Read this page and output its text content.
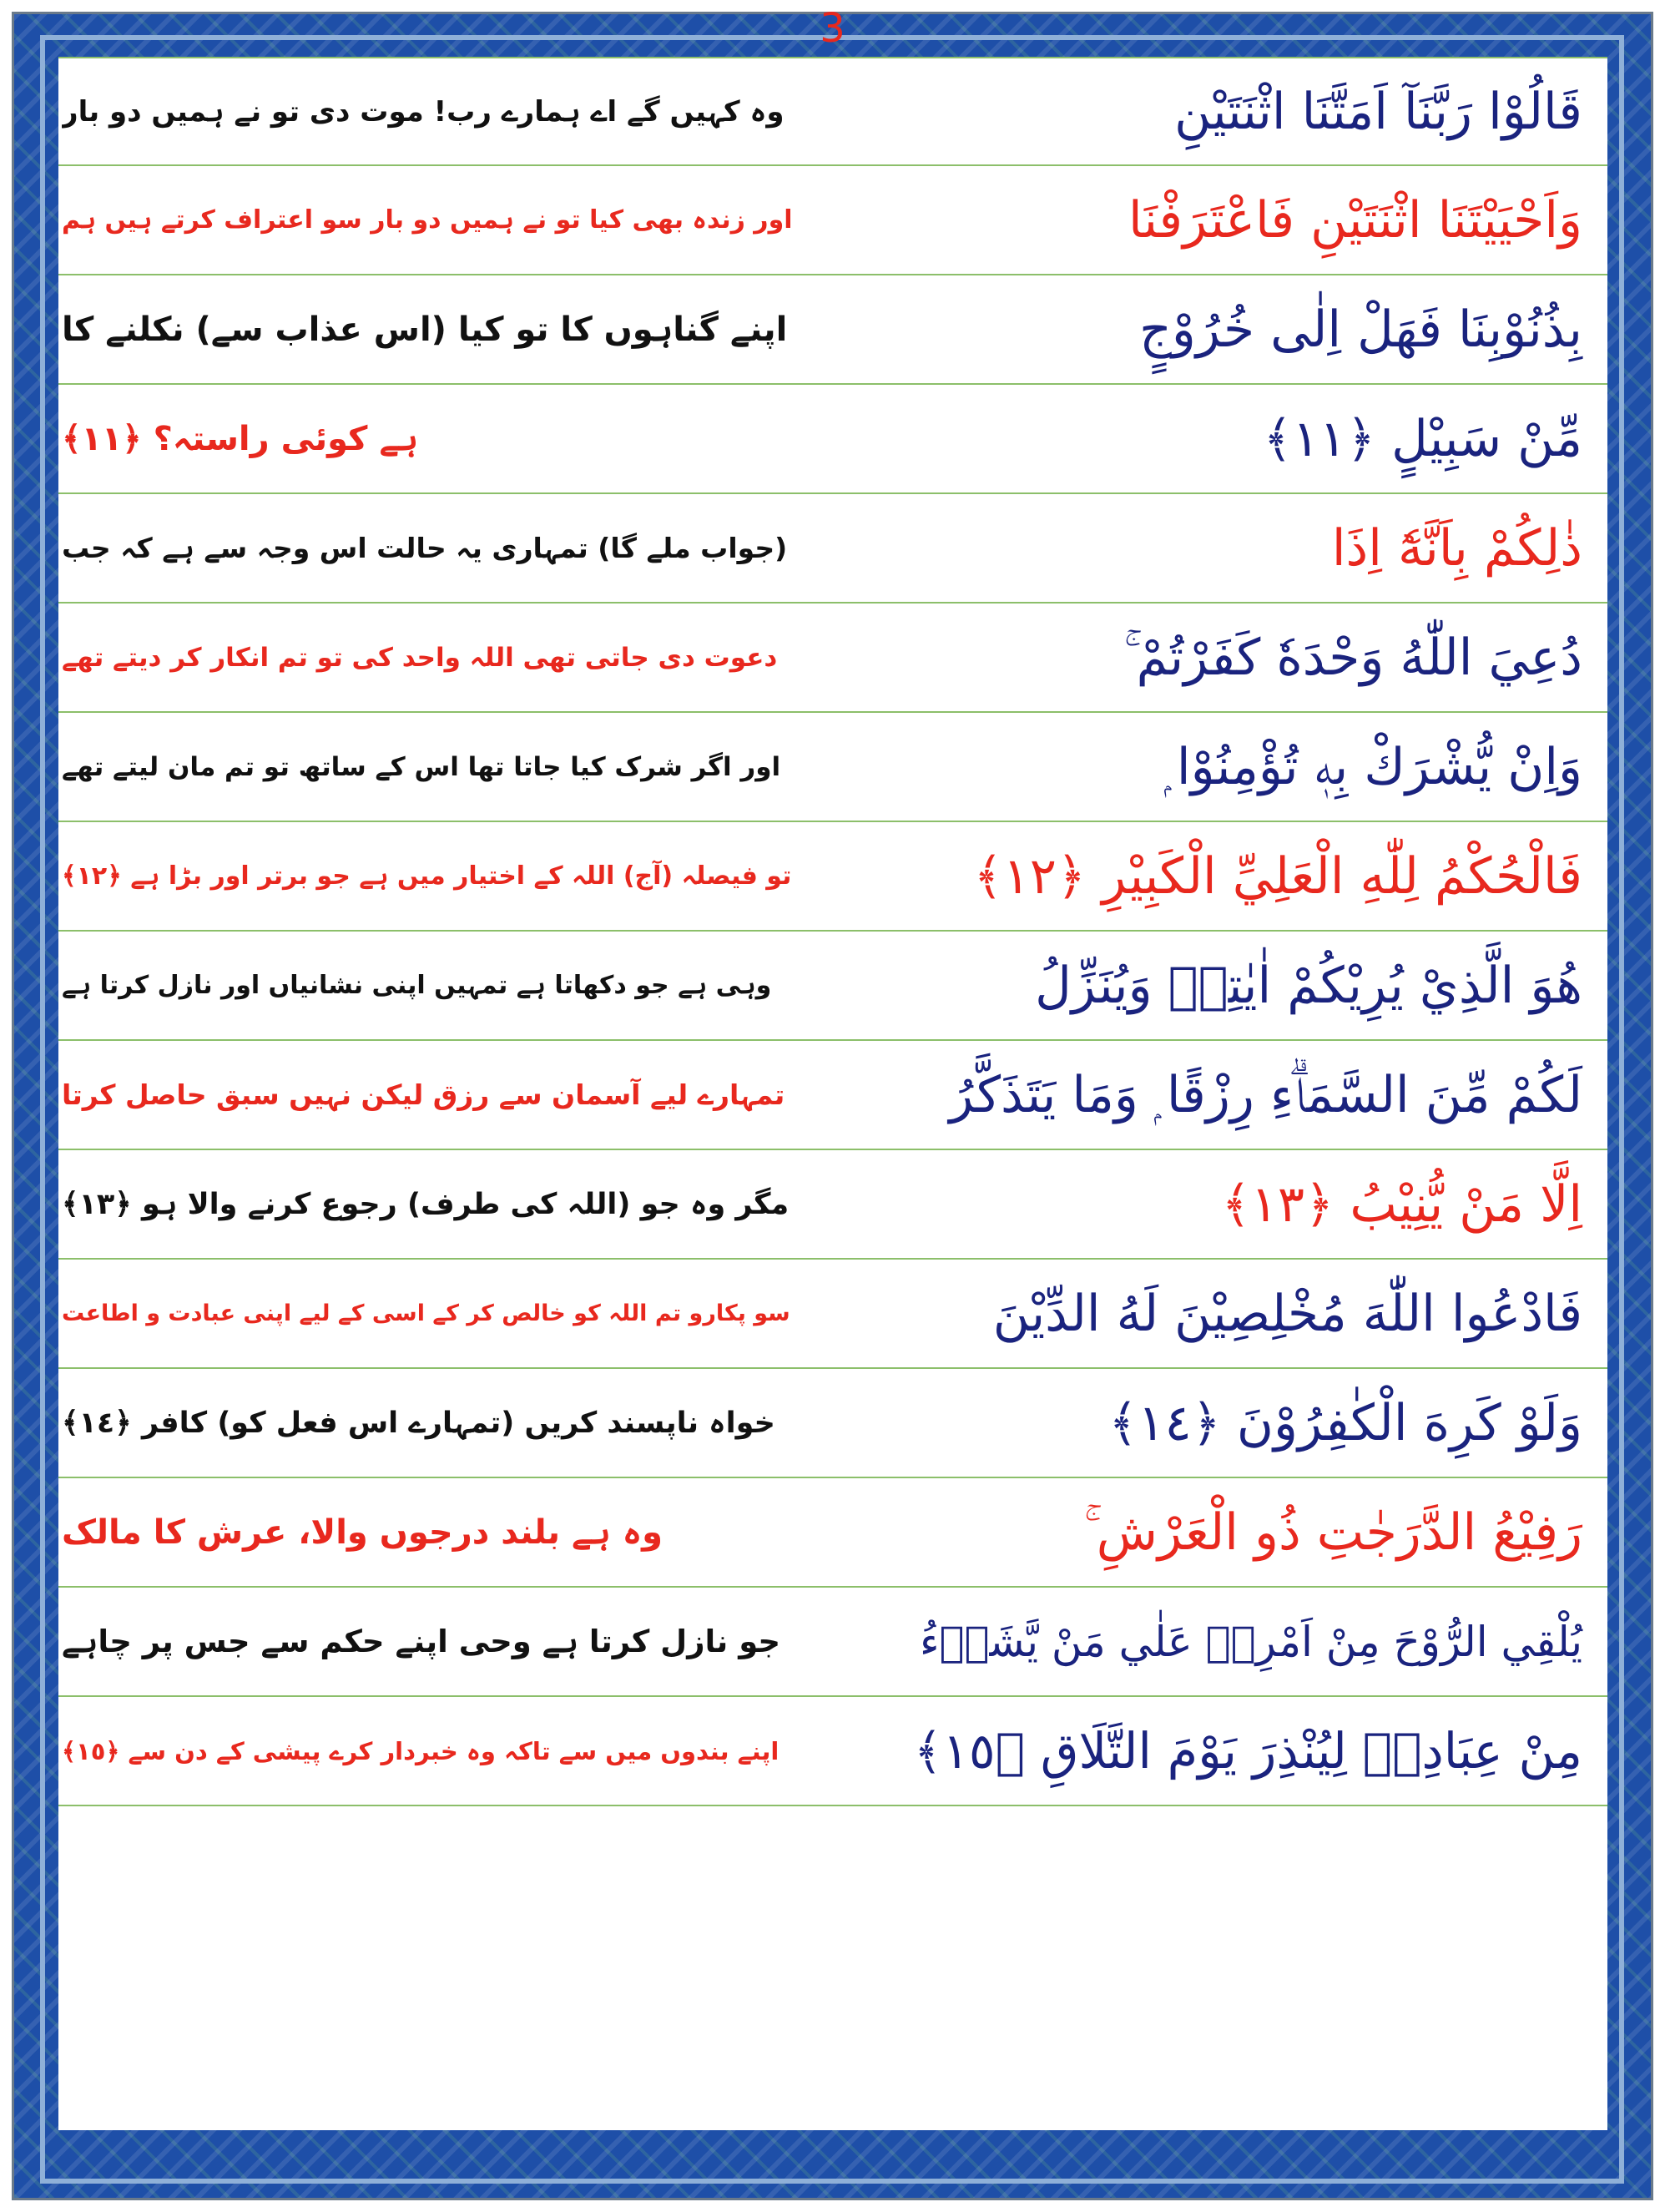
3
وہ کہیں گے اے ہمارے رب! موت دی تو نے ہمیں دو بار	قَالُوْا رَبَّنَآ اَمَتَّنَا اثْنَتَيْنِ
اور زندہ بھی کیا تو نے ہمیں دو بار سو اعتراف کرتے ہیں ہم	وَاَحْيَيْتَنَا اثْنَتَيْنِ فَاعْتَرَفْنَا
اپنے گناہوں کا تو کیا (اس عذاب سے) نکلنے کا	بِذُنُوْبِنَا فَهَلْ اِلٰى خُرُوْجٍ
ہے کوئی راستہ؟ ﴿١١﴾	مِّنْ سَبِيْلٍ ﴿١١﴾
(جواب ملے گا) تمہاری یہ حالت اس وجہ سے ہے کہ جب	ذٰلِكُمْ بِاَنَّهٗٓ اِذَا
دعوت دی جاتی تھی اللہ واحد کی تو تم انکار کر دیتے تھے	دُعِيَ اللّٰهُ وَحْدَهٗ كَفَرْتُمْ ۚ
اور اگر شرک کیا جاتا تھا اس کے ساتھ تو تم مان لیتے تھے	وَاِنْ يُّشْرَكْ بِهٖ تُؤْمِنُوْا ۭ
تو فیصلہ (آج) اللہ کے اختیار میں ہے جو برتر اور بڑا ہے ﴿١٢﴾	فَالْحُكْمُ لِلّٰهِ الْعَلِيِّ الْكَبِيْرِ ﴿١٢﴾
وہی ہے جو دکھاتا ہے تمہیں اپنی نشانیاں اور نازل کرتا ہے	هُوَ الَّذِيْ يُرِيْكُمْ اٰيٰتِهٖ وَيُنَزِّلُ
تمہارے لیے آسمان سے رزق لیکن نہیں سبق حاصل کرتا	لَكُمْ مِّنَ السَّمَاۗءِ رِزْقًا ۭ وَمَا يَتَذَكَّرُ
مگر وہ جو (اللہ کی طرف) رجوع کرنے والا ہو ﴿١٣﴾	اِلَّا مَنْ يُّنِيْبُ ﴿١٣﴾
سو پکارو تم اللہ کو خالص کر کے اسی کے لیے اپنی عبادت و اطاعت	فَادْعُوا اللّٰهَ مُخْلِصِيْنَ لَهُ الدِّيْنَ
خواہ ناپسند کریں (تمہارے اس فعل کو) کافر ﴿١٤﴾	وَلَوْ كَرِهَ الْكٰفِرُوْنَ ﴿١٤﴾
وہ ہے بلند درجوں والا، عرش کا مالک	رَفِيْعُ الدَّرَجٰتِ ذُو الْعَرْشِ ۚ
جو نازل کرتا ہے وحی اپنے حکم سے جس پر چاہے	يُلْقِي الرُّوْحَ مِنْ اَمْرِهٖ عَلٰي مَنْ يَّشَاۗءُ
اپنے بندوں میں سے تاکہ وہ خبردار کرے پیشی کے دن سے ﴿١٥﴾	مِنْ عِبَادِهٖ لِيُنْذِرَ يَوْمَ التَّلَاقِ ﴿١٥﴾
